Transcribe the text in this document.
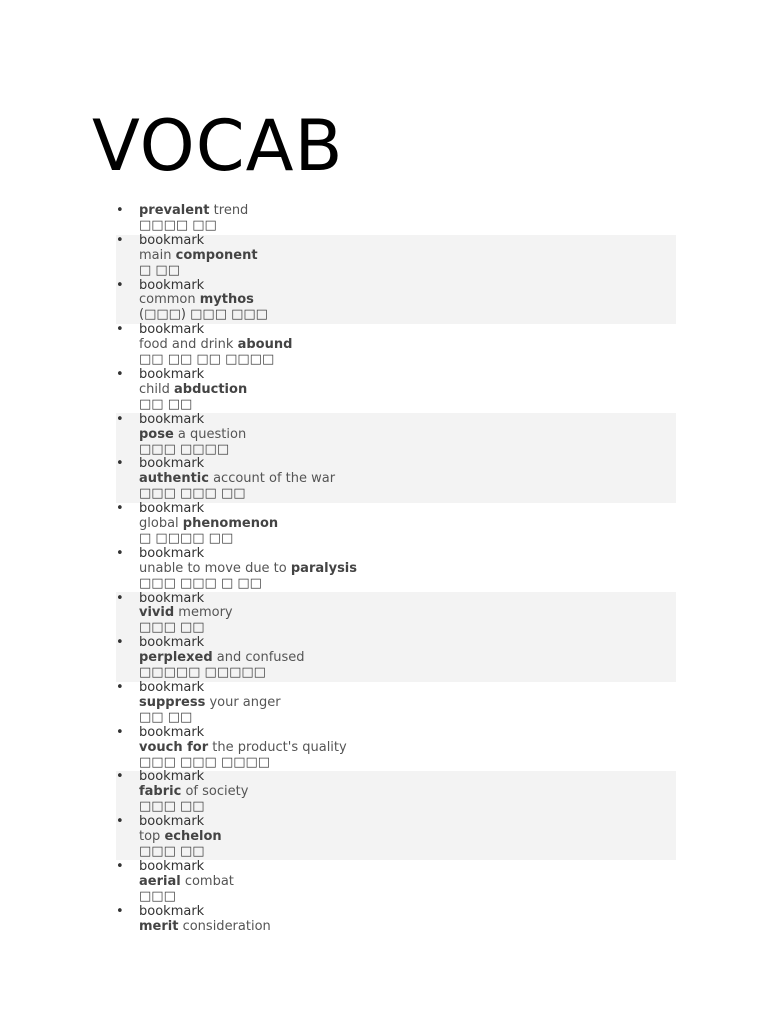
VOCAB
• prevalent trend
□□□□ □□
• bookmark
main component
□ □□
• bookmark
common mythos
(□□□) □□□ □□□
• bookmark
food and drink abound
□□ □□ □□ □□□□
• bookmark
child abduction
□□ □□
• bookmark
pose a question
□□□ □□□□
• bookmark
authentic account of the war
□□□ □□□ □□
• bookmark
global phenomenon
□ □□□□ □□
• bookmark
unable to move due to paralysis
□□□ □□□ □ □□
• bookmark
vivid memory
□□□ □□
• bookmark
perplexed and confused
□□□□□ □□□□□
• bookmark
suppress your anger
□□ □□
• bookmark
vouch for the product's quality
□□□ □□□ □□□□
• bookmark
fabric of society
□□□ □□
• bookmark
top echelon
□□□ □□
• bookmark
aerial combat
□□□
• bookmark
merit consideration
